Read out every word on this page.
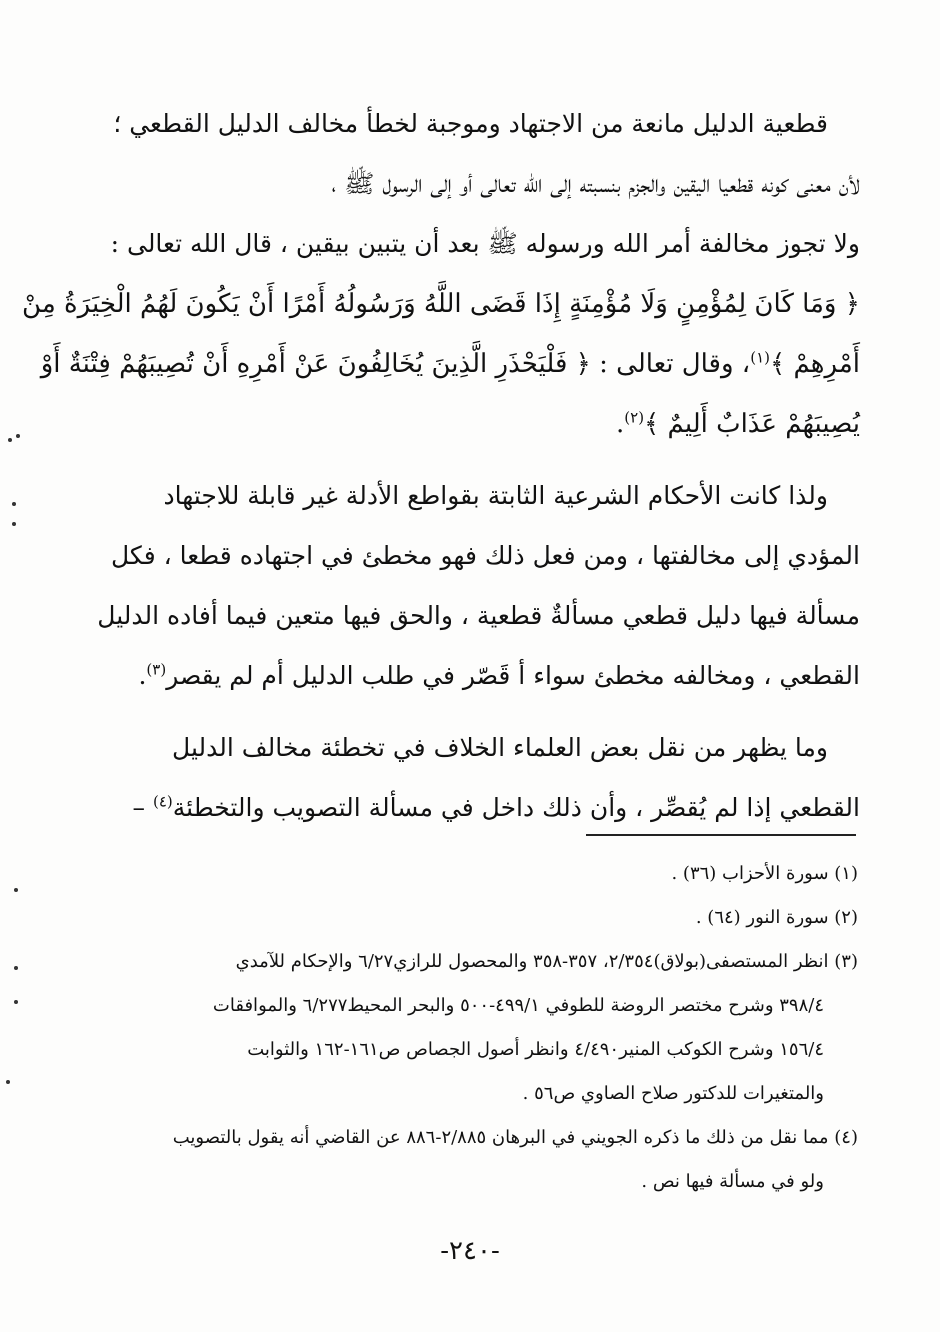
قطعية الدليل مانعة من الاجتهاد وموجبة لخطأ مخالف الدليل القطعي ؛
لأن معنى كونه قطعيا اليقين والجزم بنسبته إلى الله تعالى أو إلى الرسول ﷺ ،
ولا تجوز مخالفة أمر الله ورسوله ﷺ بعد أن يتبين بيقين ، قال الله تعالى :
﴿ وَمَا كَانَ لِمُؤْمِنٍ وَلَا مُؤْمِنَةٍ إِذَا قَضَى اللَّهُ وَرَسُولُهُ أَمْرًا أَنْ يَكُونَ لَهُمُ الْخِيَرَةُ مِنْ
أَمْرِهِمْ ﴾$^{(١)}$، وقال تعالى : ﴿ فَلْيَحْذَرِ الَّذِينَ يُخَالِفُونَ عَنْ أَمْرِهِ أَنْ تُصِيبَهُمْ فِتْنَةٌ أَوْ
يُصِيبَهُمْ عَذَابٌ أَلِيمٌ ﴾$^{(٢)}$.

ولذا كانت الأحكام الشرعية الثابتة بقواطع الأدلة غير قابلة للاجتهاد
المؤدي إلى مخالفتها ، ومن فعل ذلك فهو مخطئ في اجتهاده قطعا ، فكل
مسألة فيها دليل قطعي مسألةٌ قطعية ، والحق فيها متعين فيما أفاده الدليل
القطعي ، ومخالفه مخطئ سواء أ قَصّر في طلب الدليل أم لم يقصر$^{(٣)}$.

وما يظهر من نقل بعض العلماء الخلاف في تخطئة مخالف الدليل
القطعي إذا لم يُقصِّر ، وأن ذلك داخل في مسألة التصويب والتخطئة$^{(٤)}$ –

(١) سورة الأحزاب (٣٦) .
(٢) سورة النور (٦٤) .
(٣) انظر المستصفى(بولاق)٢/٣٥٤، ٣٥٧-٣٥٨ والمحصول للرازي٦/٢٧ والإحكام للآمدي
٣٩٨/٤ وشرح مختصر الروضة للطوفي ٤٩٩/١-٥٠٠ والبحر المحيط٦/٢٧٧ والموافقات
١٥٦/٤ وشرح الكوكب المنير٤/٤٩٠ وانظر أصول الجصاص ص١٦١-١٦٢ والثوابت
والمتغيرات للدكتور صلاح الصاوي ص٥٦ .
(٤) مما نقل من ذلك ما ذكره الجويني في البرهان ٢/٨٨٥-٨٨٦ عن القاضي أنه يقول بالتصويب
ولو في مسألة فيها نص .
-٢٤٠-
